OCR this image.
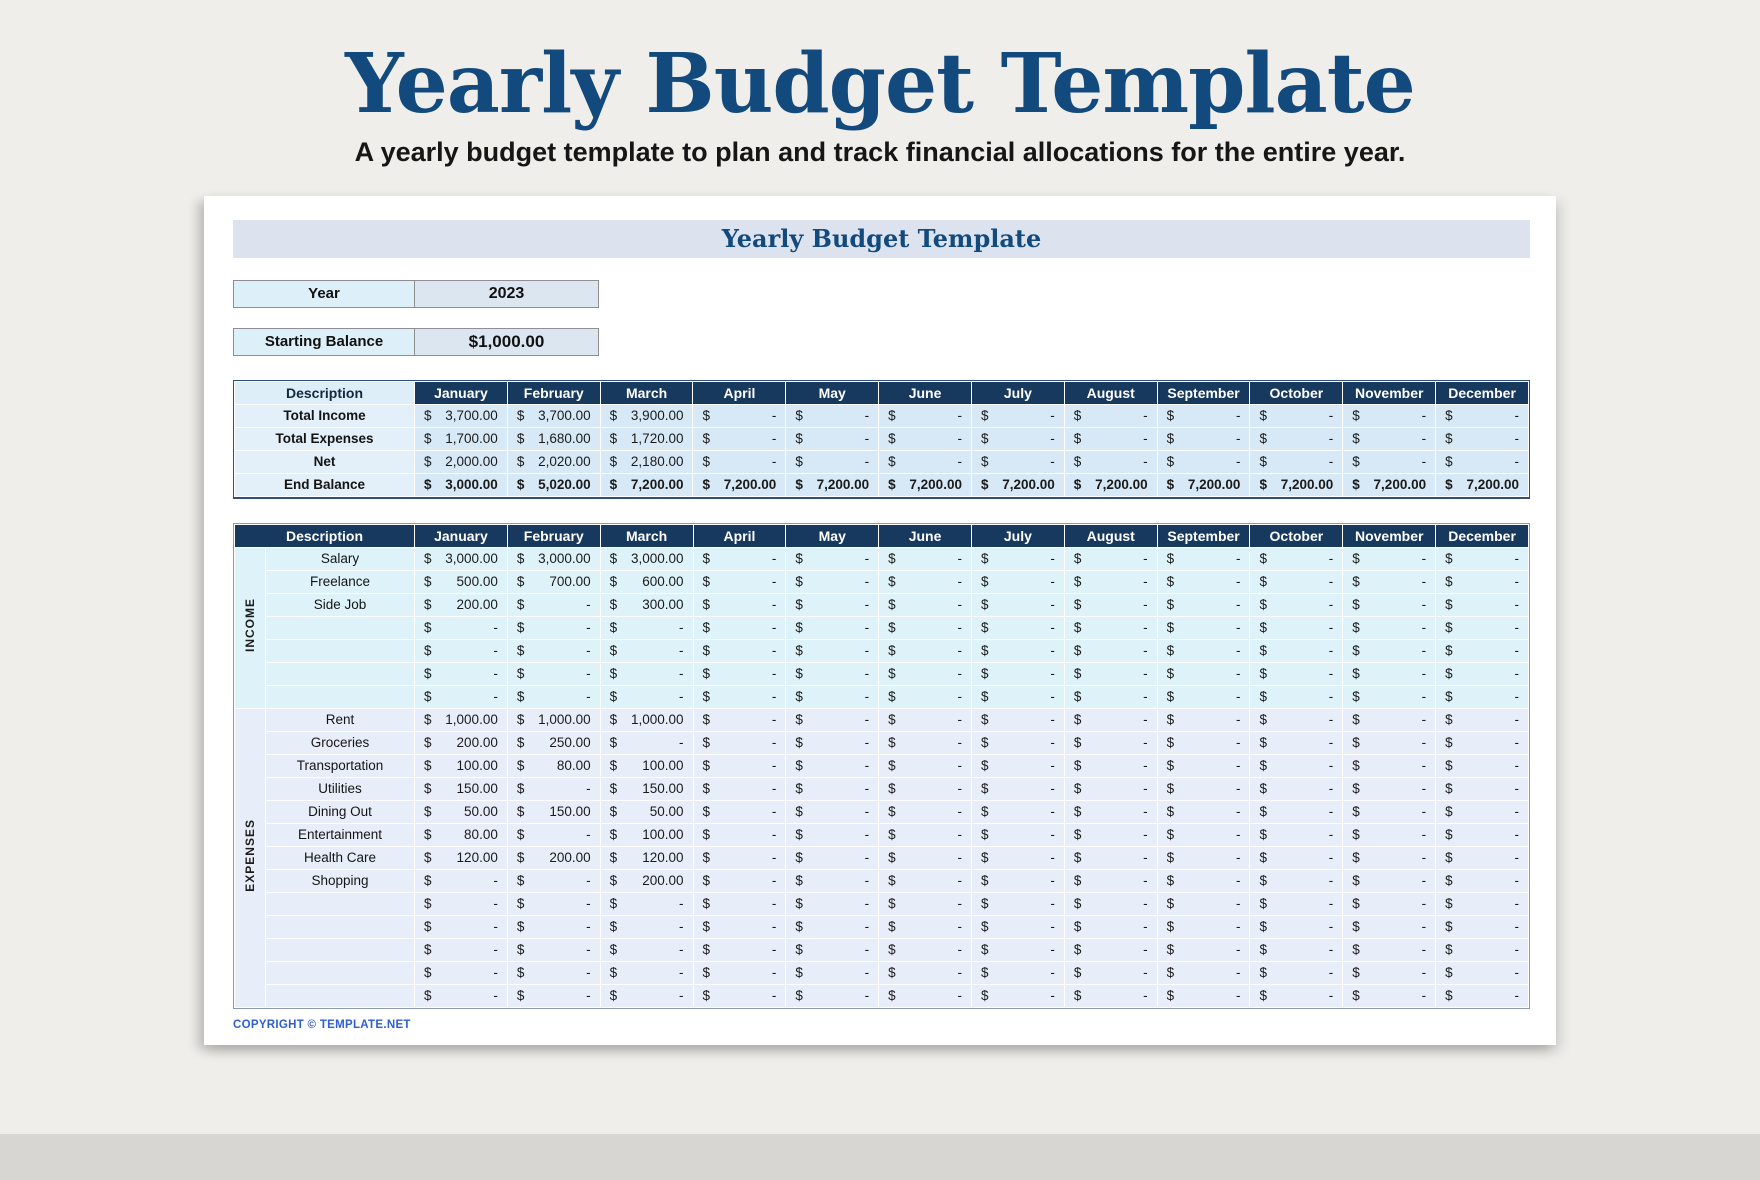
Yearly Budget Template

A yearly budget template to plan and track financial allocations for the entire year.

Yearly Budget Template
Year	2023
Starting Balance	$1,000.00
Description	January	February	March	April	May	June	July	August	September	October	November	December
Total Income	$ 3,700.00	$ 3,700.00	$ 3,900.00	$ -	$ -	$ -	$ -	$ -	$ -	$ -	$ -	$ -

Total Expenses	$ 1,700.00	$ 1,680.00	$ 1,720.00	$ -	$ -	$ -	$ -	$ -	$ -	$ -	$ -	$ -

Net	$ 2,000.00	$ 2,020.00	$ 2,180.00	$ -	$ -	$ -	$ -	$ -	$ -	$ -	$ -	$ -

End Balance	$ 3,000.00	$ 5,020.00	$ 7,200.00	$ 7,200.00	$ 7,200.00	$ 7,200.00	$ 7,200.00	$ 7,200.00	$ 7,200.00	$ 7,200.00	$ 7,200.00	$ 7,200.00
Description		January	February	March	April	May	June	July	August	September	October	November	December
INCOME	Salary	$ 3,000.00	$ 3,000.00	$ 3,000.00	$ -	$ -	$ -	$ -	$ -	$ -	$ -	$ -	$ -

	Freelance	$ 500.00	$ 700.00	$ 600.00	$ -	$ -	$ -	$ -	$ -	$ -	$ -	$ -	$ -

	Side Job	$ 200.00	$ -	$ 300.00	$ -	$ -	$ -	$ -	$ -	$ -	$ -	$ -	$ -

		$ -	$ -	$ -	$ -	$ -	$ -	$ -	$ -	$ -	$ -	$ -	$ -

		$ -	$ -	$ -	$ -	$ -	$ -	$ -	$ -	$ -	$ -	$ -	$ -

		$ -	$ -	$ -	$ -	$ -	$ -	$ -	$ -	$ -	$ -	$ -	$ -

		$ -	$ -	$ -	$ -	$ -	$ -	$ -	$ -	$ -	$ -	$ -	$ -

EXPENSES	Rent	$ 1,000.00	$ 1,000.00	$ 1,000.00	$ -	$ -	$ -	$ -	$ -	$ -	$ -	$ -	$ -

	Groceries	$ 200.00	$ 250.00	$ -	$ -	$ -	$ -	$ -	$ -	$ -	$ -	$ -	$ -

	Transportation	$ 100.00	$ 80.00	$ 100.00	$ -	$ -	$ -	$ -	$ -	$ -	$ -	$ -	$ -

	Utilities	$ 150.00	$ -	$ 150.00	$ -	$ -	$ -	$ -	$ -	$ -	$ -	$ -	$ -

	Dining Out	$ 50.00	$ 150.00	$ 50.00	$ -	$ -	$ -	$ -	$ -	$ -	$ -	$ -	$ -

	Entertainment	$ 80.00	$ -	$ 100.00	$ -	$ -	$ -	$ -	$ -	$ -	$ -	$ -	$ -

	Health Care	$ 120.00	$ 200.00	$ 120.00	$ -	$ -	$ -	$ -	$ -	$ -	$ -	$ -	$ -

	Shopping	$ -	$ -	$ 200.00	$ -	$ -	$ -	$ -	$ -	$ -	$ -	$ -	$ -

		$ -	$ -	$ -	$ -	$ -	$ -	$ -	$ -	$ -	$ -	$ -	$ -

		$ -	$ -	$ -	$ -	$ -	$ -	$ -	$ -	$ -	$ -	$ -	$ -

		$ -	$ -	$ -	$ -	$ -	$ -	$ -	$ -	$ -	$ -	$ -	$ -

		$ -	$ -	$ -	$ -	$ -	$ -	$ -	$ -	$ -	$ -	$ -	$ -

		$ -	$ -	$ -	$ -	$ -	$ -	$ -	$ -	$ -	$ -	$ -	$ -
COPYRIGHT © TEMPLATE.NET
